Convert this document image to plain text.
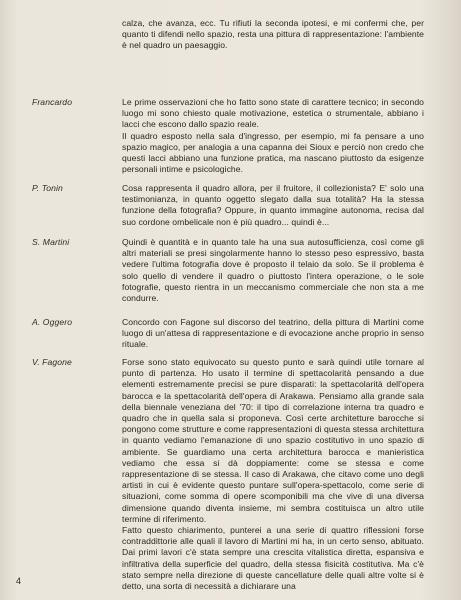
calza, che avanza, ecc. Tu rifiuti la seconda ipotesi, e mi confermi che, per quanto ti difendi nello spazio, resta una pittura di rappresentazione: l'ambiente è nel quadro un paesaggio.

Francardo	Le prime osservazioni che ho fatto sono state di carattere tecnico; in secondo luogo mi sono chiesto quale motivazione, estetica o strumentale, abbiano i lacci che escono dallo spazio reale.

Il quadro esposto nella sala d'ingresso, per esempio, mi fa pensare a uno spazio magico, per analogia a una capanna dei Sioux e perciò non credo che questi lacci abbiano una funzione pratica, ma nascano piuttosto da esigenze personali intime e psicologiche.

P. Tonin	Cosa rappresenta il quadro allora, per il fruitore, il collezionista? E' solo una testimonianza, in quanto oggetto slegato dalla sua totalità? Ha la stessa funzione della fotografia? Oppure, in quanto immagine autonoma, recisa dal suo cordone ombelicale non è più quadro... quindi è...

S. Martini	Quindi è quantità e in quanto tale ha una sua autosufficienza, così come gli altri materiali se presi singolarmente hanno lo stesso peso espressivo, basta vedere l'ultima fotografia dove è proposto il telaio da solo. Se il problema è solo quello di vendere il quadro o piuttosto l'intera operazione, o le sole fotografie, questo rientra in un meccanismo commerciale che non sta a me condurre.

A. Oggero	Concordo con Fagone sul discorso del teatrino, della pittura di Martini come luogo di un'attesa di rappresentazione e di evocazione anche proprio in senso rituale.

V. Fagone	Forse sono stato equivocato su questo punto e sarà quindi utile tornare al punto di partenza. Ho usato il termine di spettacolarità pensando a due elementi estremamente precisi se pure disparati: la spettacolarità dell'opera barocca e la spettacolarità dell'opera di Arakawa. Pensiamo alla grande sala della biennale veneziana del '70: il tipo di correlazione interna tra quadro e quadro che in quella sala si proponeva. Così certe architetture barocche si pongono come strutture e come rappresentazioni di questa stessa architettura in quanto vediamo l'emanazione di uno spazio costitutivo in uno spazio di ambiente. Se guardiamo una certa architettura barocca e manieristica vediamo che essa si dà doppiamente: come se stessa e come rappresentazione di se stessa. Il caso di Arakawa, che citavo come uno degli artisti in cui è evidente questo puntare sull'opera-spettacolo, come serie di situazioni, come somma di opere scomponibili ma che vive di una diversa dimensione quando diventa insieme, mi sembra costituisca un altro utile termine di riferimento.

Fatto questo chiarimento, punterei a una serie di quattro riflessioni forse contraddittorie alle quali il lavoro di Martini mi ha, in un certo senso, abituato. Dai primi lavori c'è stata sempre una crescita vitalistica diretta, espansiva e infiltrativa della superficie del quadro, della stessa fisicità costitutiva. Ma c'è stato sempre nella direzione di queste cancellature delle quali altre volte si è detto, una sorta di necessità a dichiarare una

4
